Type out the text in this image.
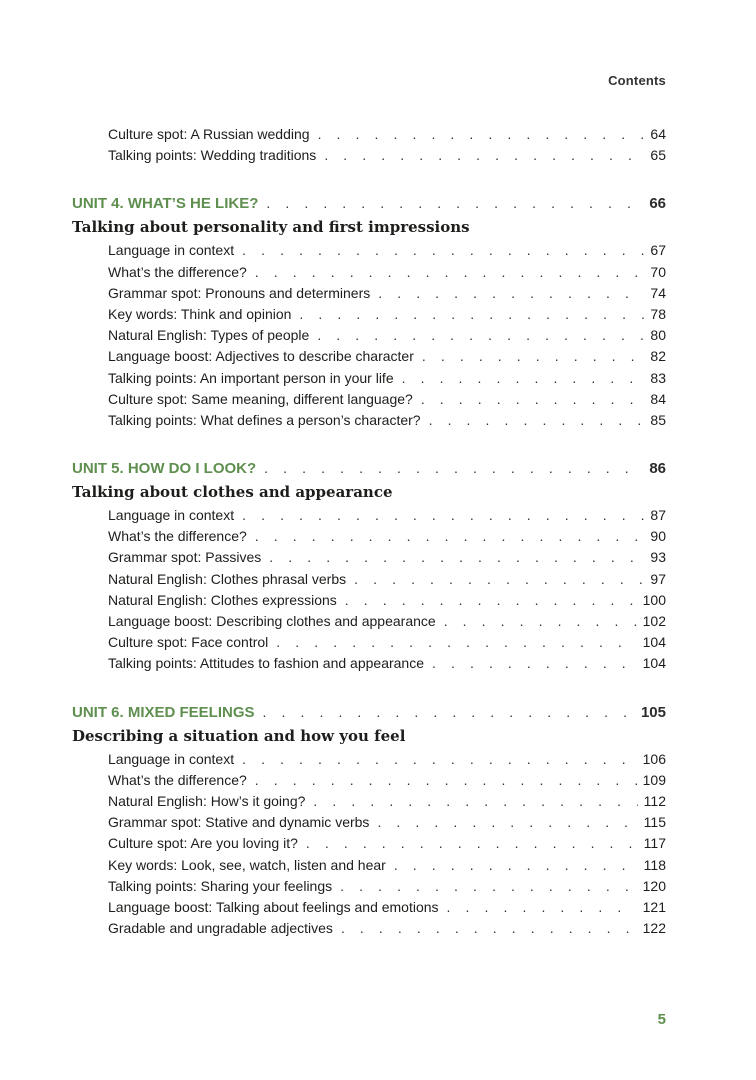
Contents
Culture spot: A Russian wedding . . .	64
Talking points: Wedding traditions . . .	65
UNIT 4. WHAT’S HE LIKE? . . .	66
Talking about personality and first impressions
Language in context . . .	67
What’s the difference? . . .	70
Grammar spot: Pronouns and determiners . . .	74
Key words: Think and opinion . . .	78
Natural English: Types of people . . .	80
Language boost: Adjectives to describe character . . .	82
Talking points: An important person in your life . . .	83
Culture spot: Same meaning, different language? . . .	84
Talking points: What defines a person’s character? . . .	85
UNIT 5. HOW DO I LOOK? . . .	86
Talking about clothes and appearance
Language in context . . .	87
What’s the difference? . . .	90
Grammar spot: Passives . . .	93
Natural English: Clothes phrasal verbs . . .	97
Natural English: Clothes expressions . . .	100
Language boost: Describing clothes and appearance . . .	102
Culture spot: Face control . . .	104
Talking points: Attitudes to fashion and appearance . . .	104
UNIT 6. MIXED FEELINGS . . .	105
Describing a situation and how you feel
Language in context . . .	106
What’s the difference? . . .	109
Natural English: How’s it going? . . .	112
Grammar spot: Stative and dynamic verbs . . .	115
Culture spot: Are you loving it? . . .	117
Key words: Look, see, watch, listen and hear . . .	118
Talking points: Sharing your feelings . . .	120
Language boost: Talking about feelings and emotions . . .	121
Gradable and ungradable adjectives . . .	122
5
